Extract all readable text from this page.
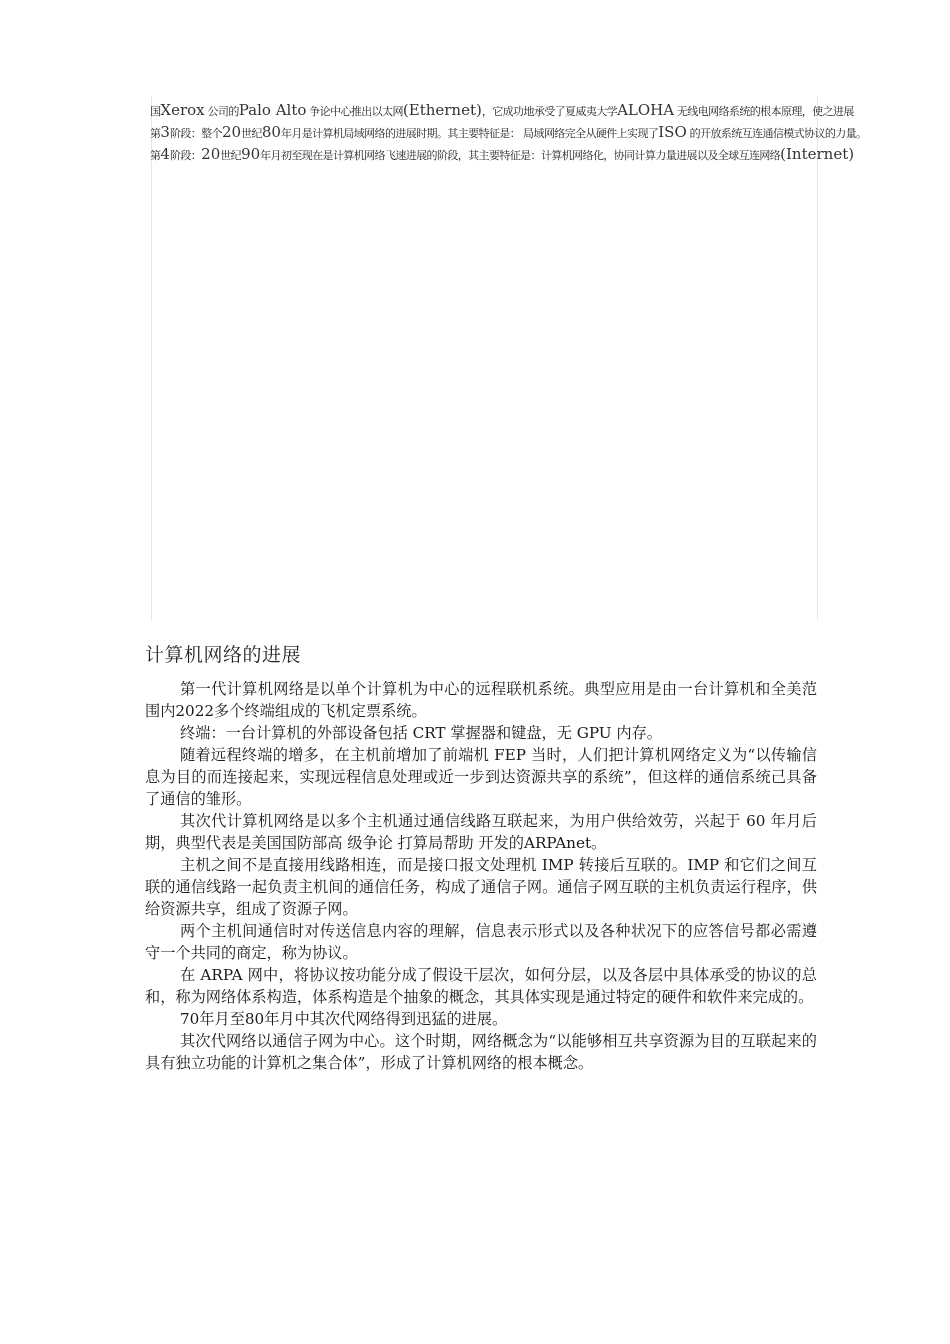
国Xerox 公司的Palo Alto 争论中心推出以太网(Ethernet)，它成功地承受了夏威夷大学ALOHA 无线电网络系统的根本原理，使之进展
第3阶段：整个20世纪80年月是计算机局域网络的进展时期。其主要特征是： 局域网络完全从硬件上实现了ISO 的开放系统互连通信模式协议的力量。
第4阶段：20世纪90年月初至现在是计算机网络飞速进展的阶段，其主要特征是：计算机网络化，协同计算力量进展以及全球互连网络(Internet)
计算机网络的进展

第一代计算机网络是以单个计算机为中心的远程联机系统。典型应用是由一台计算机和全美范围内2022多个终端组成的飞机定票系统。

终端：一台计算机的外部设备包括 CRT 掌握器和键盘，无 GPU 内存。

随着远程终端的增多，在主机前增加了前端机 FEP 当时，人们把计算机网络定义为“以传输信息为目的而连接起来，实现远程信息处理或近一步到达资源共享的系统”，但这样的通信系统己具备了通信的雏形。

其次代计算机网络是以多个主机通过通信线路互联起来，为用户供给效劳，兴起于 60 年月后期，典型代表是美国国防部高 级争论 打算局帮助 开发的ARPAnet。

主机之间不是直接用线路相连，而是接口报文处理机 IMP 转接后互联的。IMP 和它们之间互联的通信线路一起负责主机间的通信任务，构成了通信子网。通信子网互联的主机负责运行程序，供给资源共享，组成了资源子网。

两个主机间通信时对传送信息内容的理解，信息表示形式以及各种状况下的应答信号都必需遵守一个共同的商定，称为协议。

在 ARPA 网中，将协议按功能分成了假设干层次，如何分层，以及各层中具体承受的协议的总和，称为网络体系构造，体系构造是个抽象的概念，其具体实现是通过特定的硬件和软件来完成的。

70年月至80年月中其次代网络得到迅猛的进展。

其次代网络以通信子网为中心。这个时期，网络概念为“以能够相互共享资源为目的互联起来的具有独立功能的计算机之集合体”，形成了计算机网络的根本概念。
